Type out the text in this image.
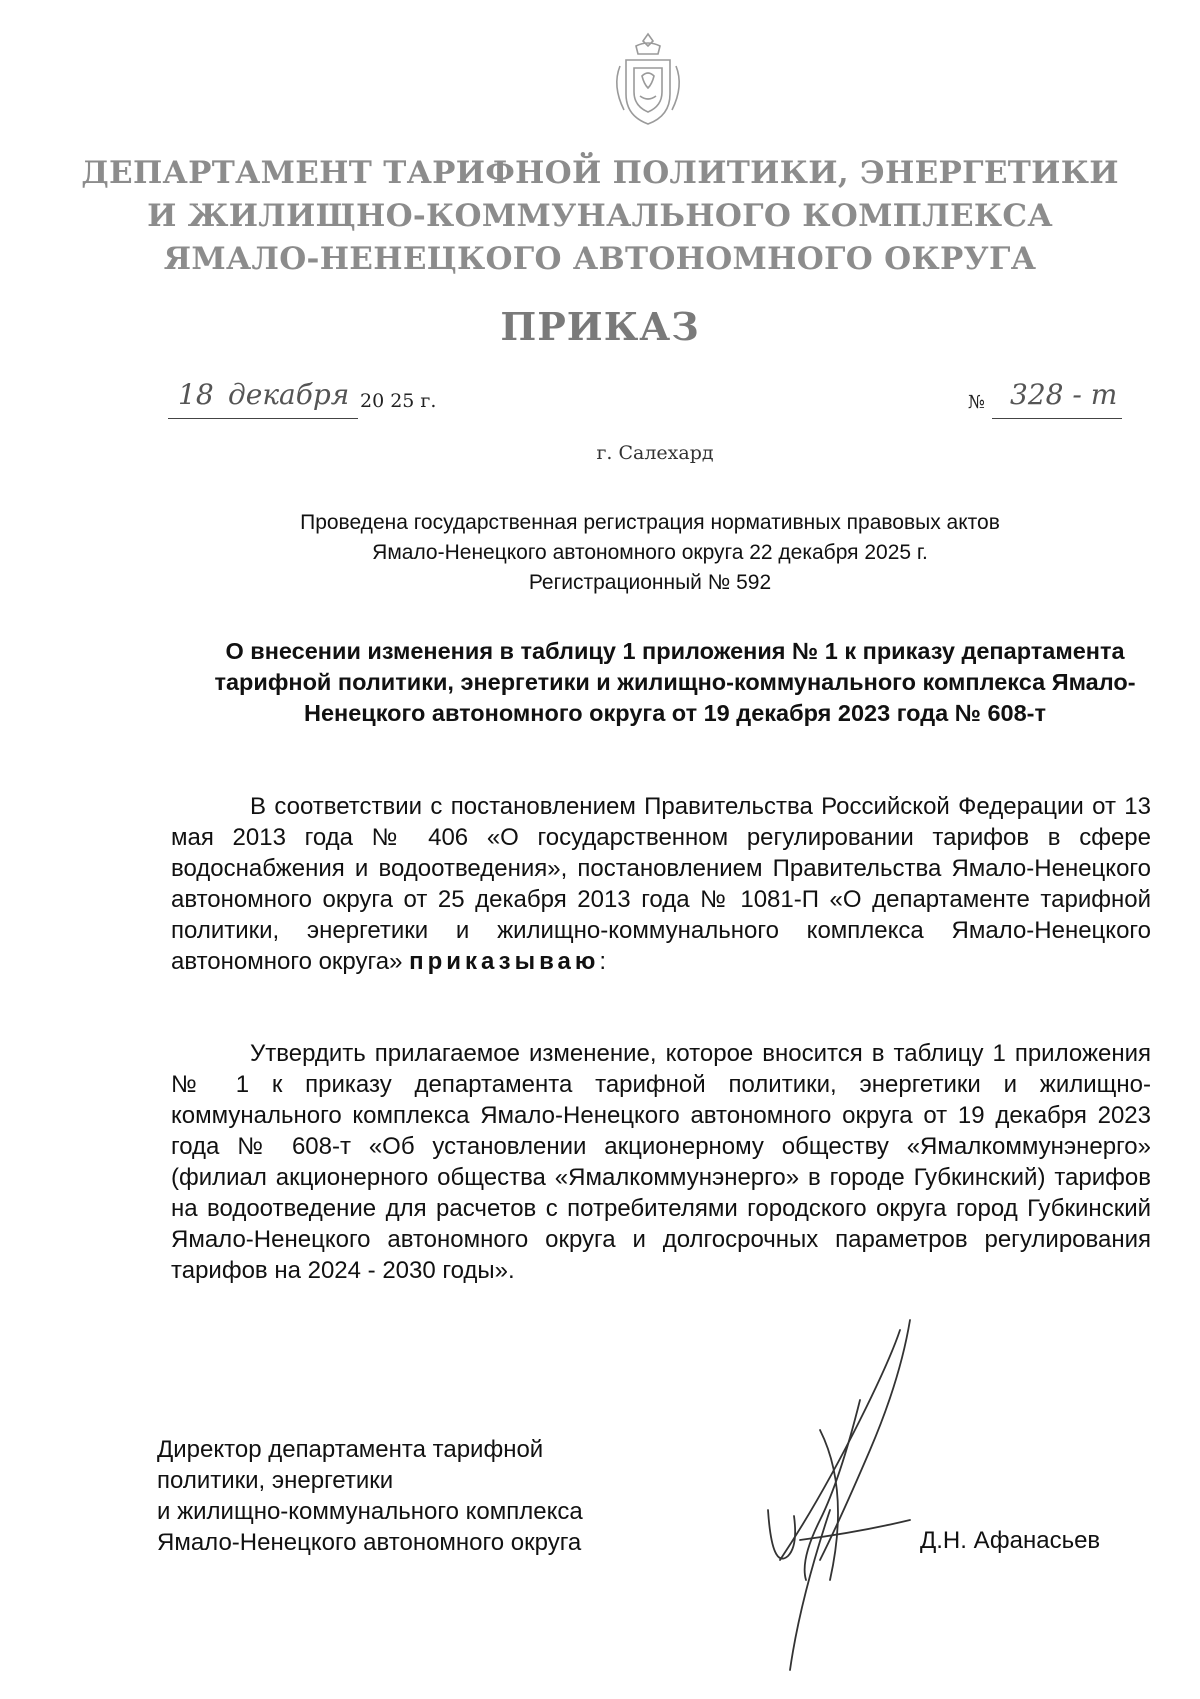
ДЕПАРТАМЕНТ ТАРИФНОЙ ПОЛИТИКИ, ЭНЕРГЕТИКИ
И ЖИЛИЩНО-КОММУНАЛЬНОГО КОМПЛЕКСА
ЯМАЛО-НЕНЕЦКОГО АВТОНОМНОГО ОКРУГА
ПРИКАЗ
18 декабря 20 25 г.	№ 328 - т
г. Салехард
Проведена государственная регистрация нормативных правовых актов
Ямало-Ненецкого автономного округа 22 декабря 2025 г.
Регистрационный № 592
О внесении изменения в таблицу 1 приложения № 1 к приказу департамента тарифной политики, энергетики и жилищно-коммунального комплекса Ямало-Ненецкого автономного округа от 19 декабря 2023 года № 608-т
В соответствии с постановлением Правительства Российской Федерации от 13 мая 2013 года № 406 «О государственном регулировании тарифов в сфере водоснабжения и водоотведения», постановлением Правительства Ямало-Ненецкого автономного округа от 25 декабря 2013 года № 1081-П «О департаменте тарифной политики, энергетики и жилищно-коммунального комплекса Ямало-Ненецкого автономного округа» приказываю:
Утвердить прилагаемое изменение, которое вносится в таблицу 1 приложения № 1 к приказу департамента тарифной политики, энергетики и жилищно-коммунального комплекса Ямало-Ненецкого автономного округа от 19 декабря 2023 года № 608-т «Об установлении акционерному обществу «Ямалкоммунэнерго» (филиал акционерного общества «Ямалкоммунэнерго» в городе Губкинский) тарифов на водоотведение для расчетов с потребителями городского округа город Губкинский Ямало-Ненецкого автономного округа и долгосрочных параметров регулирования тарифов на 2024 - 2030 годы».
Директор департамента тарифной
политики, энергетики
и жилищно-коммунального комплекса
Ямало-Ненецкого автономного округа	Д.Н. Афанасьев
